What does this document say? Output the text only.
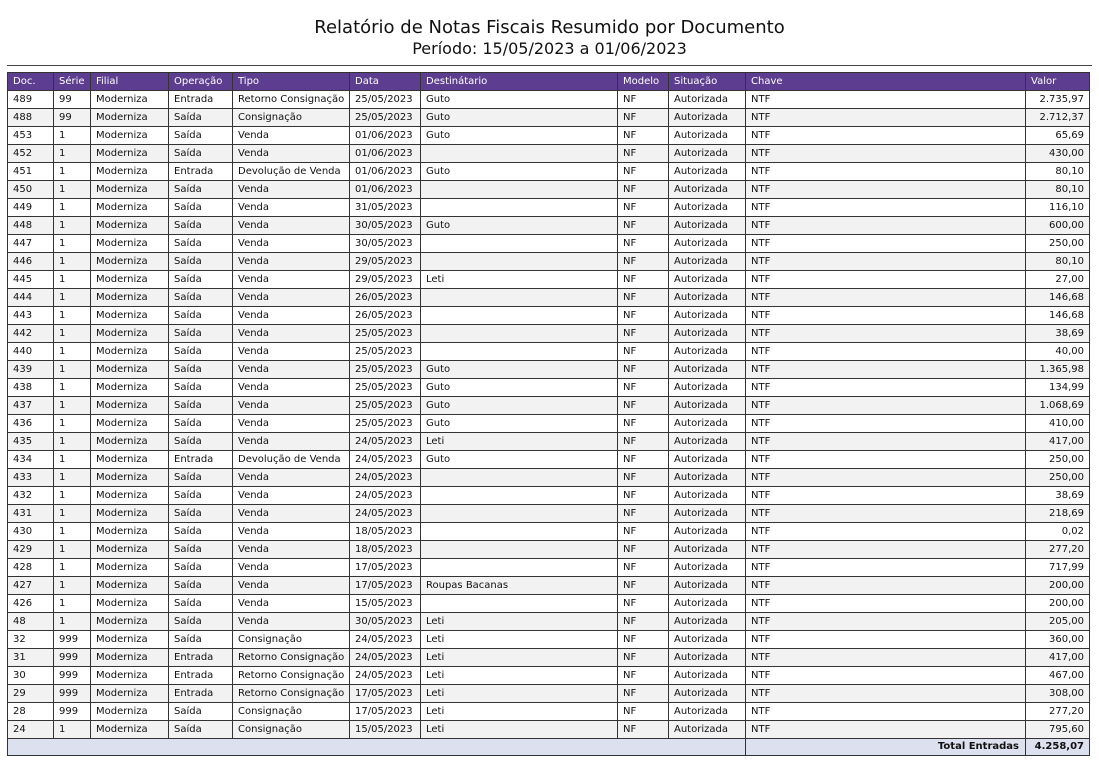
Relatório de Notas Fiscais Resumido por Documento
Período: 15/05/2023 a 01/06/2023
Doc.	Série	Filial	Operação	Tipo	Data	Destinátario	Modelo	Situação	Chave	Valor
489	99	Moderniza	Entrada	Retorno Consignação	25/05/2023	Guto	NF	Autorizada	NTF	2.735,97
488	99	Moderniza	Saída	Consignação	25/05/2023	Guto	NF	Autorizada	NTF	2.712,37
453	1	Moderniza	Saída	Venda	01/06/2023	Guto	NF	Autorizada	NTF	65,69
452	1	Moderniza	Saída	Venda	01/06/2023		NF	Autorizada	NTF	430,00
451	1	Moderniza	Entrada	Devolução de Venda	01/06/2023	Guto	NF	Autorizada	NTF	80,10
450	1	Moderniza	Saída	Venda	01/06/2023		NF	Autorizada	NTF	80,10
449	1	Moderniza	Saída	Venda	31/05/2023		NF	Autorizada	NTF	116,10
448	1	Moderniza	Saída	Venda	30/05/2023	Guto	NF	Autorizada	NTF	600,00
447	1	Moderniza	Saída	Venda	30/05/2023		NF	Autorizada	NTF	250,00
446	1	Moderniza	Saída	Venda	29/05/2023		NF	Autorizada	NTF	80,10
445	1	Moderniza	Saída	Venda	29/05/2023	Leti	NF	Autorizada	NTF	27,00
444	1	Moderniza	Saída	Venda	26/05/2023		NF	Autorizada	NTF	146,68
443	1	Moderniza	Saída	Venda	26/05/2023		NF	Autorizada	NTF	146,68
442	1	Moderniza	Saída	Venda	25/05/2023		NF	Autorizada	NTF	38,69
440	1	Moderniza	Saída	Venda	25/05/2023		NF	Autorizada	NTF	40,00
439	1	Moderniza	Saída	Venda	25/05/2023	Guto	NF	Autorizada	NTF	1.365,98
438	1	Moderniza	Saída	Venda	25/05/2023	Guto	NF	Autorizada	NTF	134,99
437	1	Moderniza	Saída	Venda	25/05/2023	Guto	NF	Autorizada	NTF	1.068,69
436	1	Moderniza	Saída	Venda	25/05/2023	Guto	NF	Autorizada	NTF	410,00
435	1	Moderniza	Saída	Venda	24/05/2023	Leti	NF	Autorizada	NTF	417,00
434	1	Moderniza	Entrada	Devolução de Venda	24/05/2023	Guto	NF	Autorizada	NTF	250,00
433	1	Moderniza	Saída	Venda	24/05/2023		NF	Autorizada	NTF	250,00
432	1	Moderniza	Saída	Venda	24/05/2023		NF	Autorizada	NTF	38,69
431	1	Moderniza	Saída	Venda	24/05/2023		NF	Autorizada	NTF	218,69
430	1	Moderniza	Saída	Venda	18/05/2023		NF	Autorizada	NTF	0,02
429	1	Moderniza	Saída	Venda	18/05/2023		NF	Autorizada	NTF	277,20
428	1	Moderniza	Saída	Venda	17/05/2023		NF	Autorizada	NTF	717,99
427	1	Moderniza	Saída	Venda	17/05/2023	Roupas Bacanas	NF	Autorizada	NTF	200,00
426	1	Moderniza	Saída	Venda	15/05/2023		NF	Autorizada	NTF	200,00
48	1	Moderniza	Saída	Venda	30/05/2023	Leti	NF	Autorizada	NTF	205,00
32	999	Moderniza	Saída	Consignação	24/05/2023	Leti	NF	Autorizada	NTF	360,00
31	999	Moderniza	Entrada	Retorno Consignação	24/05/2023	Leti	NF	Autorizada	NTF	417,00
30	999	Moderniza	Entrada	Retorno Consignação	24/05/2023	Leti	NF	Autorizada	NTF	467,00
29	999	Moderniza	Entrada	Retorno Consignação	17/05/2023	Leti	NF	Autorizada	NTF	308,00
28	999	Moderniza	Saída	Consignação	17/05/2023	Leti	NF	Autorizada	NTF	277,20
24	1	Moderniza	Saída	Consignação	15/05/2023	Leti	NF	Autorizada	NTF	795,60
									Total Entradas	4.258,07
